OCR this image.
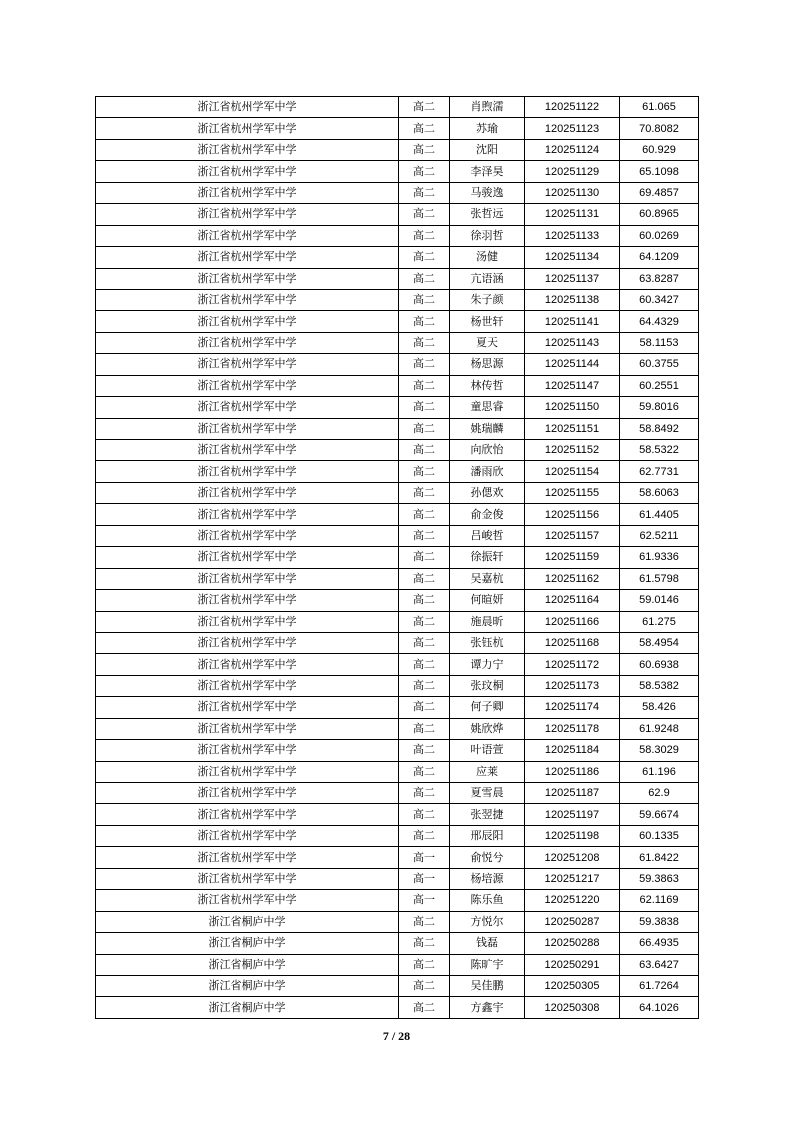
浙江省杭州学军中学	高二	肖煦濡	120251122	61.065
浙江省杭州学军中学	高二	苏瑜	120251123	70.8082
浙江省杭州学军中学	高二	沈阳	120251124	60.929
浙江省杭州学军中学	高二	李泽昊	120251129	65.1098
浙江省杭州学军中学	高二	马骏逸	120251130	69.4857
浙江省杭州学军中学	高二	张哲远	120251131	60.8965
浙江省杭州学军中学	高二	徐羽哲	120251133	60.0269
浙江省杭州学军中学	高二	汤健	120251134	64.1209
浙江省杭州学军中学	高二	亢语涵	120251137	63.8287
浙江省杭州学军中学	高二	朱子颜	120251138	60.3427
浙江省杭州学军中学	高二	杨世轩	120251141	64.4329
浙江省杭州学军中学	高二	夏天	120251143	58.1153
浙江省杭州学军中学	高二	杨思源	120251144	60.3755
浙江省杭州学军中学	高二	林传哲	120251147	60.2551
浙江省杭州学军中学	高二	童思睿	120251150	59.8016
浙江省杭州学军中学	高二	姚瑞麟	120251151	58.8492
浙江省杭州学军中学	高二	向欣怡	120251152	58.5322
浙江省杭州学军中学	高二	潘雨欣	120251154	62.7731
浙江省杭州学军中学	高二	孙偲欢	120251155	58.6063
浙江省杭州学军中学	高二	俞金俊	120251156	61.4405
浙江省杭州学军中学	高二	吕峻哲	120251157	62.5211
浙江省杭州学军中学	高二	徐振轩	120251159	61.9336
浙江省杭州学军中学	高二	吴嘉杭	120251162	61.5798
浙江省杭州学军中学	高二	何暄妍	120251164	59.0146
浙江省杭州学军中学	高二	施晨昕	120251166	61.275
浙江省杭州学军中学	高二	张钰杭	120251168	58.4954
浙江省杭州学军中学	高二	谭力宁	120251172	60.6938
浙江省杭州学军中学	高二	张玟桐	120251173	58.5382
浙江省杭州学军中学	高二	何子卿	120251174	58.426
浙江省杭州学军中学	高二	姚欣烨	120251178	61.9248
浙江省杭州学军中学	高二	叶语萱	120251184	58.3029
浙江省杭州学军中学	高二	应莱	120251186	61.196
浙江省杭州学军中学	高二	夏雪晨	120251187	62.9
浙江省杭州学军中学	高二	张翌捷	120251197	59.6674
浙江省杭州学军中学	高二	邢辰阳	120251198	60.1335
浙江省杭州学军中学	高一	俞悦兮	120251208	61.8422
浙江省杭州学军中学	高一	杨培源	120251217	59.3863
浙江省杭州学军中学	高一	陈乐鱼	120251220	62.1169
浙江省桐庐中学	高二	方悦尔	120250287	59.3838
浙江省桐庐中学	高二	钱磊	120250288	66.4935
浙江省桐庐中学	高二	陈旷宇	120250291	63.6427
浙江省桐庐中学	高二	吴佳鹏	120250305	61.7264
浙江省桐庐中学	高二	方鑫宇	120250308	64.1026
7 / 28
